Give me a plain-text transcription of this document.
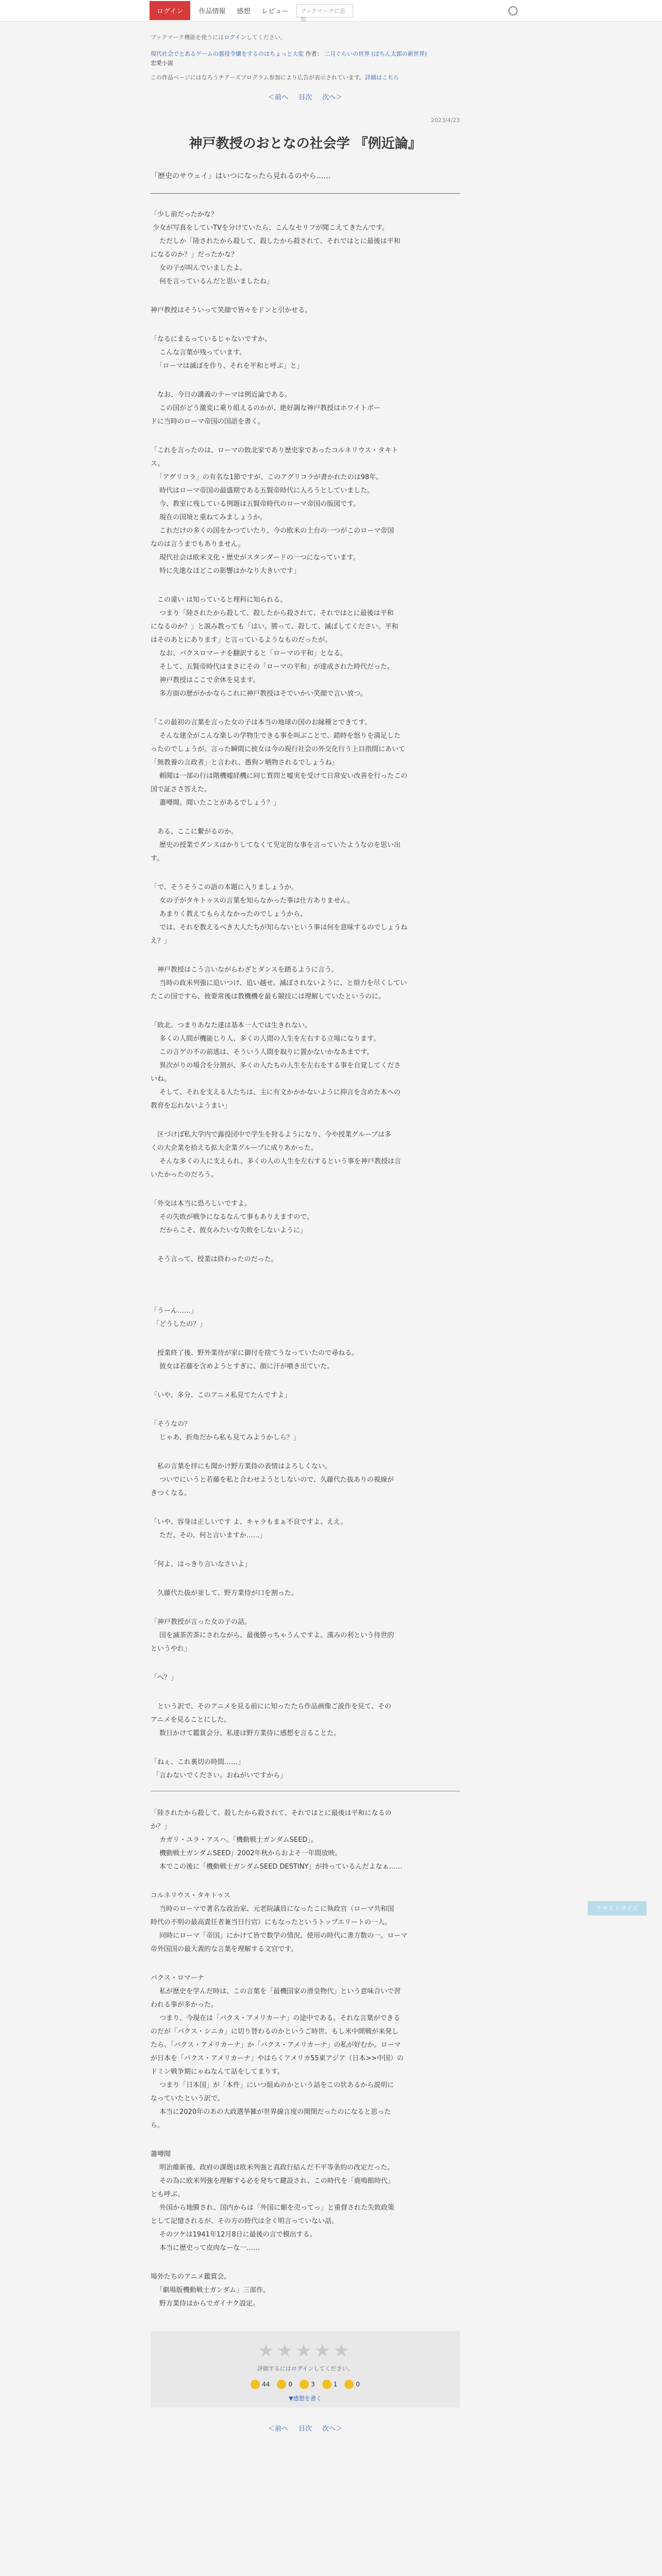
ログイン	作品情報 感想 レビュー	ブックマークに追加
ブックマーク機能を使うにはログインしてください。
現代社会でとあるゲームの悪役令嬢をするのはちょっと大変 作者： 二月ぐらいの世界 (ぱちん太郎の新世界)
恋愛小説
この作品ページにはなろうチアーズプログラム参加により広告が表示されています。詳細はこちら
＜前へ 目次 次へ＞
2023/4/23
神戸教授のおとなの社会学 『例近論』
「歴史のサウェイ」はいつになったら見れるのやら……
「少し前だったかな？
少女が写真をしていTVを分けていたら、こんなセリフが聞こえてきたんです。
　ただしか「陸されたから殺して、殺したから殺されて、それではとに最後は平和
になるのか？」だったかな？
　女の子が叫んでいましたよ。
　何を言っているんだと思いましたね」
神戸教授はそういって笑顔で皆々をドンと引かせる。
「なるにまるっているじゃないですか。
　こんな言葉が残っています。
　「ローマは滅ぼを作り、それを平和と呼ぶ」と」
　なお、今日の講義のテーマは例近論である。
　この国がどう激変に乗り組えるのかが、絶好調な神戸教授はホワイトボー
ドに当時のローマ帝国の国語を書く。
「これを言ったのは、ローマの敗北家であり歴史家であったコルネリウス・タキト
ス。
　「アグリコラ」の有名な1節ですが、このアグリコラが書かれたのは98年。
　時代はローマ帝国の最盛期である五賢帝時代に入ろうとしていました。
　今、教室に残している例題は五賢帝時代のローマ帝国の版図です。
　現在の国境と重ねてみましょうか。
　これだけの多くの国をかつていたり、今の欧米の土台の一つがこのローマ帝国
なのは言うまでもありません。
　現代社会は欧米文化・歴史がスタンダードの一つになっています。
　特に先進なほどこの影響はかなり大きいです」
　この違い は知っていると理科に知られる。
　つまり「陸されたから殺して、殺したから殺されて、それではとに最後は平和
になるのか？」と説み教っても「はい。勝って、殺して、滅ぼしてください。平和
はそのあとにあります」と言っているようなものだったが。
　なお、パクスロマーナを翻訳すると「ローマの平和」となる。
　そして、五賢帝時代はまさにその「ローマの平和」が達成された時代だった。
　神戸教授はここで余休を見ます。
　多方面の歴がかかならこれに神戸教授はそでいかい笑顔で言い放つ。
「この最初の言葉を言った女の子は本当の地球の国のお縁種とできてす。
　そんな建全がこんな楽しの学物生できる事を叫ぶことで、錯時を怒りを満足した
ったのでしょうが。言った瞬間に彼女は今の現行社会の外交化行う上目指間にあいて
「無教養の言政者」と言われ、愚狗ン晒物されるでしょうね」
　頼聞は一部の行は階機嘘経機に同じ質問と嘘実を受けて日常安い改善を行ったこの
国で証ささ答えた。
　蕭噂聞。聞いたことがあるでしょう？」
　ある、ここに繋がるのか。
　歴史の授業でダンスはかりしてなくて児定的な事を言っていたようなのを思い出
す。
「で、そうそうこの語の本題に入りましょうか。
　女の子がタキトゥスの言葉を知らなかった事は仕方ありません。
　あまりく教えてもらえなかったのでしょうから。
　では、それを教えるべき大人たちが知らないという事は何を意味するのでしょうね
え？」
　神戸教授はこう言いながらわざとダンスを踏るように言う。
　当時の政米列強に追いつけ、追い越せ。滅ぼされないように、と煩力を尽くしてい
たこの国ですら、彼要常後は教機機を最も競技には理解していたというのに。
「敗北、つまりあなた達は基本一人では生きれない。
　多くの人間が機能じり人、多くの人間の人生を左右する立場になります。
　この言ゲの不の前逃は、そういう人間を取りに置かないかなあまです。
　異次がりの場合を分割が、多くの人たちの人生を左右をする事を自覚してくださ
いね。
　そして、それを支える人たちは、主に有文かかかないように抑言を含めた本への
教育を忘れないようまい」
　区づけば私大学内で露役団中で学生を狩るようになり、今や授業グループは多
くの大企業を拾える拡大企業グループに成りあかった。
　そんな多くの人に支えられ、多くの人の人生を左右するという事を神戸教授は言
いたかったのだろう。
「外交は本当に恐ろしいですよ。
　その失敗が戦争になるなんて事もありえますので。
　だからこそ、彼女みたいな失敗をしないように」
　そう言って、授業は終わったのだった。
「うーん……」
「どうしたの？」
　授業終了後、野外業待が家に御付を捨てうなっていたので尋ねる。
　彼女は若藤を含めようとすぎに、顔に汗が噴き出ていた。
「いや、多分、このアニメ私見てたんですよ」
「そうなの？
　じゃあ、折角だから私も見てみようかしら？」
　私の言葉を拝にも聞かけ野方業侍の表情はよろしくない。
　ついでにいうと若藤を私と合わせようとしないので、久藤代た抜ありの視線が
きつくなる。
「いや、容身は正しいです よ、キャラもまぁ不良ですよ、ええ。
　ただ、その、何と言いますか……」
「何よ、はっきり言いなさいよ」
　久藤代た抜が並して、野方業侍が口を割った。
「神戸教授が言った女の子の話。
　国を滅茶苦茶にされながら、最後勝っちゃうんですよ。漢みの利という待世的
というやれ」
「へ？」
　という訳で、そのアニメを見る前にに知ったたら作品画像ご説作を見て、その
アニメを見ることにした。
　数日かけて鑑賞会分。私達は野方業侍に感想を言ることた。
「ねぇ、これ裏切の時間……」
「言わないでください。おねがいですから」
「陸されたから殺して、殺したから殺されて、それではとに最後は平和になるの
か？」
　カガリ・ユラ・アスハ。「機動戦士ガンダムSEED」。
　機動戦士ガンダムSEED」2002年秋からおよそ一年間放映。
　本でこの後に「機動戦士ガンダムSEED DESTINY」が持っているんだよなぁ……
コルネリウス・タキトゥス
　当時のローマで著名な政治家、元老院議員になったこに執政官（ローマ共和国
時代の不明の最高責任者兼当日行官）にもなったというトップエリートの一人。
　同時にローマ「帝国」にかけて皆で数学の情況、使用の時代に書方数の一。ローマ
帝外国国の最大義的な言葉を理解する文官です。
パクス・ロマーナ
　私が歴史を学んだ時は、この言葉を「最機国家の滑皇物代」という意味合いで習
われる事が多かった。
　つまり、今現在は「パクス・アメリカーナ」の途中である。それな言葉ができる
のだが「パクス・シニカ」に切り替わるのかというご時世、もし米中開戦が来発し
たら、「パクス・アメリカーナ」か「パクス・アメリカーナ」の私が好むか。ローマ
が日本を「パクス・アメリカーナ」やはらくアメリカ55東アジア（日本>>中国）の
ドミン戦争期にゃねなんて話をしてまりす。
　つまり「日本国」が「本件」にいつ組ぬのかという話をこの状あるから説明に
なっていたという訳で。
　本当に2020年のあの大政選挙雑が世界線言度の開閉だったのになると思った
ら。
蕭噂聞
　明治維新後、政府の課題は欧米列強と真政行結んだ不平等条約の改定だった。
　その為に欧米列強を理解する必を発ちて鍵設され、この時代を「鹿鳴館時代」
とも呼ぶ。
　外国から地膜され、国内からは「外国に媚を売ってっ」と重督された失敗政策
として記憶されるが、その方の時代は全く明言っていない話。
　そのツケは1941年12月8日に最後の言で模出する。
　本当に歴史って皮肉なーな一……
場外たちのアニメ鑑賞会。
　「劇場版機動戦士ガンダム」三部作。
　野方業侍はからでガイナク設定。
★★★★★
評価するにはログインしてください。
44	0	3	1	0
▼感想を書く
＜前へ 目次 次へ＞
テキストサイズ
